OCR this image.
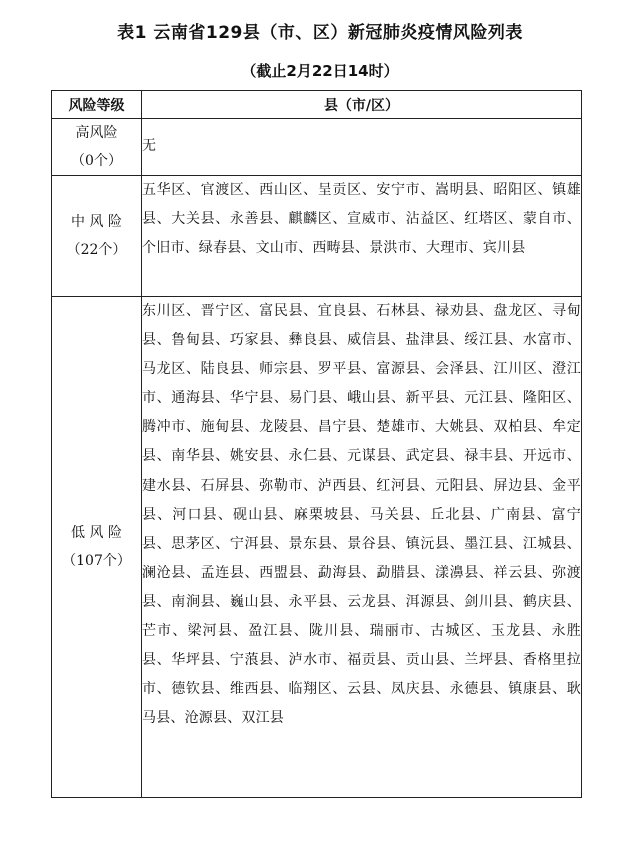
表1 云南省129县（市、区）新冠肺炎疫情风险列表
（截止2月22日14时）
风险等级	县（市/区）

高风险
（0个）	无

中 风 险
（22个）	五华区、官渡区、西山区、呈贡区、安宁市、嵩明县、昭阳区、镇雄县、大关县、永善县、麒麟区、宣威市、沾益区、红塔区、蒙自市、个旧市、绿春县、文山市、西畴县、景洪市、大理市、宾川县

低 风 险
（107个）	东川区、晋宁区、富民县、宜良县、石林县、禄劝县、盘龙区、寻甸县、鲁甸县、巧家县、彝良县、威信县、盐津县、绥江县、水富市、马龙区、陆良县、师宗县、罗平县、富源县、会泽县、江川区、澄江市、通海县、华宁县、易门县、峨山县、新平县、元江县、隆阳区、腾冲市、施甸县、龙陵县、昌宁县、楚雄市、大姚县、双柏县、牟定县、南华县、姚安县、永仁县、元谋县、武定县、禄丰县、开远市、建水县、石屏县、弥勒市、泸西县、红河县、元阳县、屏边县、金平县、河口县、砚山县、麻栗坡县、马关县、丘北县、广南县、富宁县、思茅区、宁洱县、景东县、景谷县、镇沅县、墨江县、江城县、澜沧县、孟连县、西盟县、勐海县、勐腊县、漾濞县、祥云县、弥渡县、南涧县、巍山县、永平县、云龙县、洱源县、剑川县、鹤庆县、芒市、梁河县、盈江县、陇川县、瑞丽市、古城区、玉龙县、永胜县、华坪县、宁蒗县、泸水市、福贡县、贡山县、兰坪县、香格里拉市、德钦县、维西县、临翔区、云县、凤庆县、永德县、镇康县、耿马县、沧源县、双江县
